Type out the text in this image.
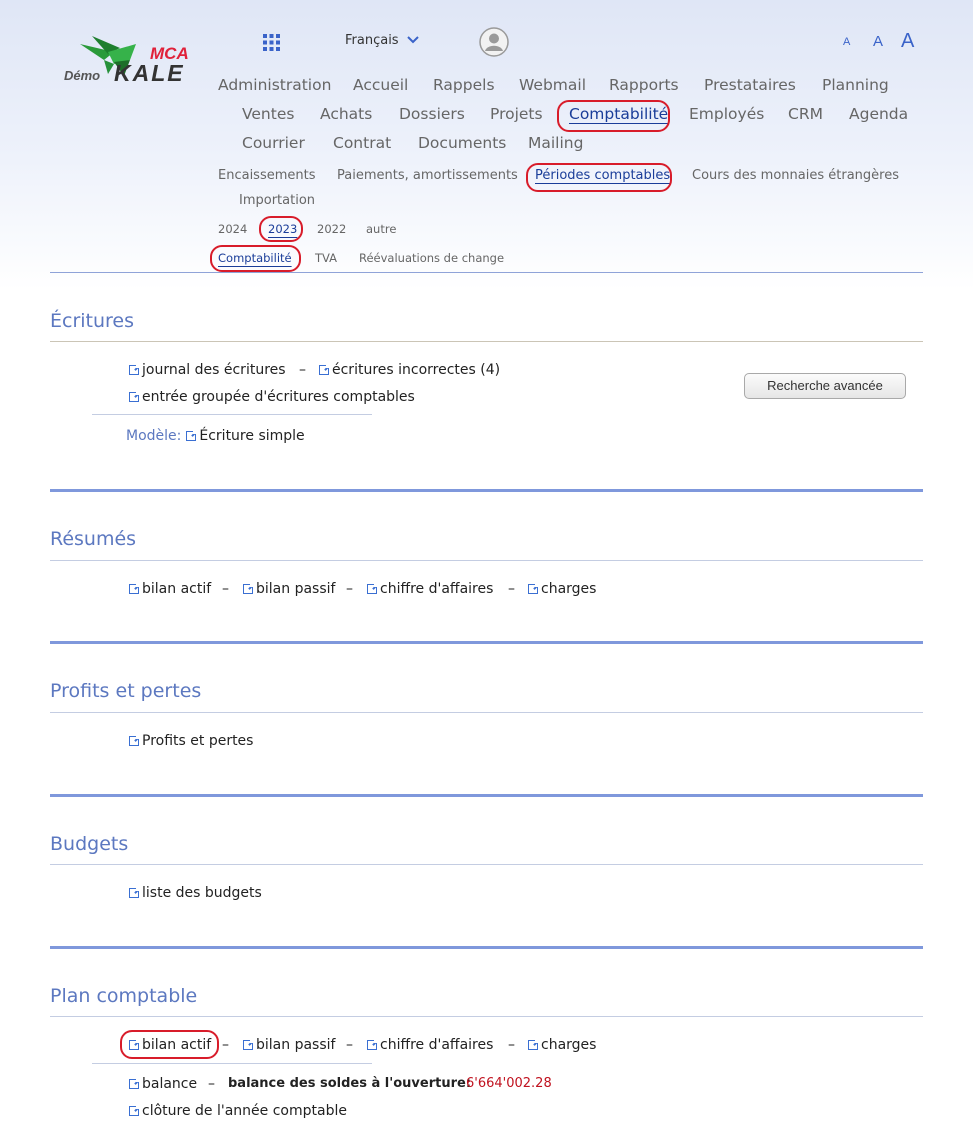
Démo
MCA
KALE
Français	A A A
Administration Accueil Rappels Webmail Rapports Prestataires Planning
Ventes Achats Dossiers Projets Comptabilité Employés CRM Agenda
Courrier Contrat Documents Mailing
Encaissements Paiements, amortissements Périodes comptables Cours des monnaies étrangères
Importation
2024 2023 2022 autre
Comptabilité TVA Réévaluations de change
Écritures
journal des écritures –	écritures incorrectes (4)
entrée groupée d'écritures comptables
Modèle: Écriture simple
Recherche avancée
Résumés
bilan actif –	bilan passif –	chiffre d'affaires –	charges
Profits et pertes
Profits et pertes
Budgets
liste des budgets
Plan comptable
bilan actif –	bilan passif –	chiffre d'affaires –	charges
balance – balance des soldes à l'ouverture:
6'664'002.28
clôture de l'année comptable
